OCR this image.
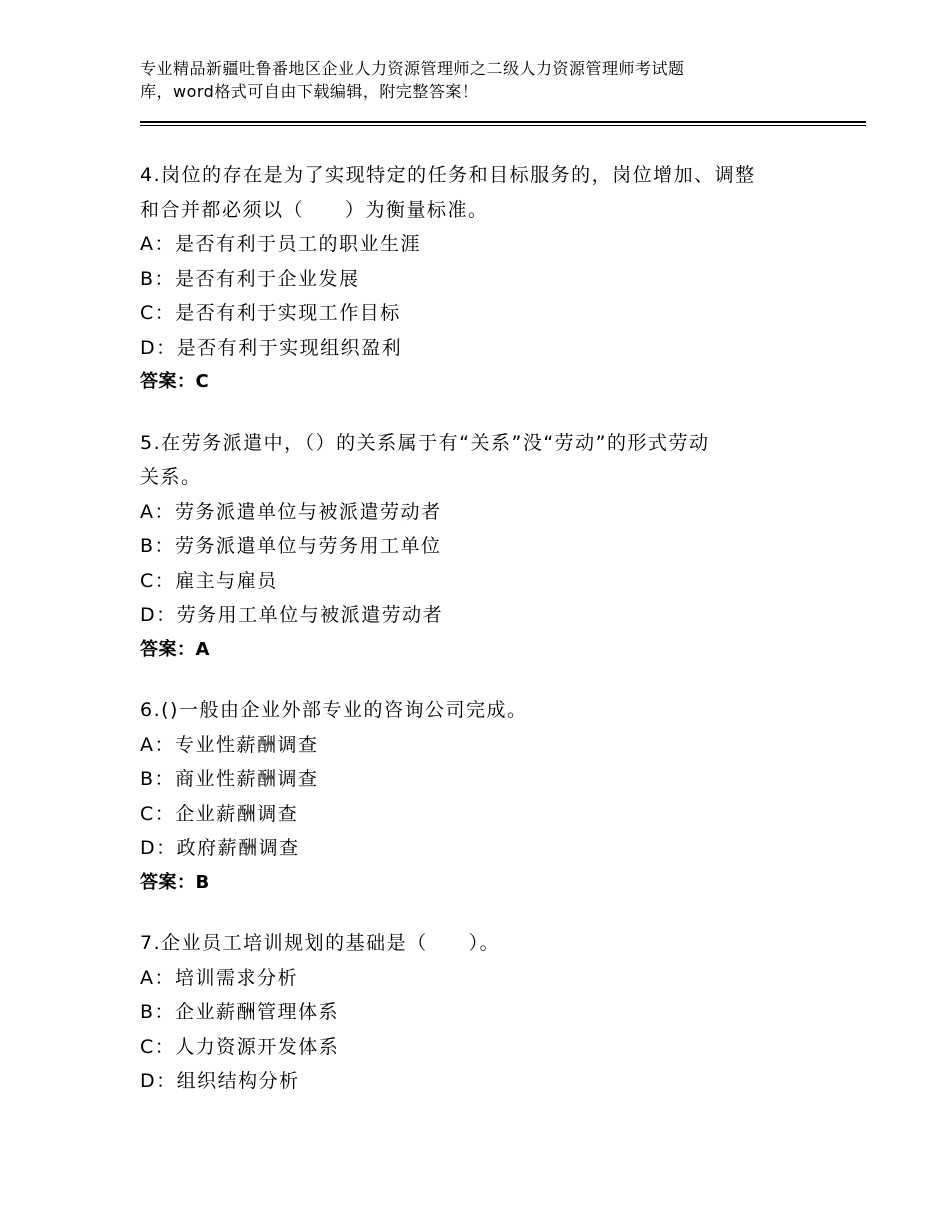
专业精品新疆吐鲁番地区企业人力资源管理师之二级人力资源管理师考试题
库，word格式可自由下载编辑，附完整答案！
4.岗位的存在是为了实现特定的任务和目标服务的，岗位增加、调整
和合并都必须以（　　）为衡量标准。
A：是否有利于员工的职业生涯
B：是否有利于企业发展
C：是否有利于实现工作目标
D：是否有利于实现组织盈利
答案：C
5.在劳务派遣中，（）的关系属于有“关系”没“劳动”的形式劳动
关系。
A：劳务派遣单位与被派遣劳动者
B：劳务派遣单位与劳务用工单位
C：雇主与雇员
D：劳务用工单位与被派遣劳动者
答案：A
6.()一般由企业外部专业的咨询公司完成。
A：专业性薪酬调查
B：商业性薪酬调查
C：企业薪酬调查
D：政府薪酬调查
答案：B
7.企业员工培训规划的基础是（　　）。
A：培训需求分析
B：企业薪酬管理体系
C：人力资源开发体系
D：组织结构分析
